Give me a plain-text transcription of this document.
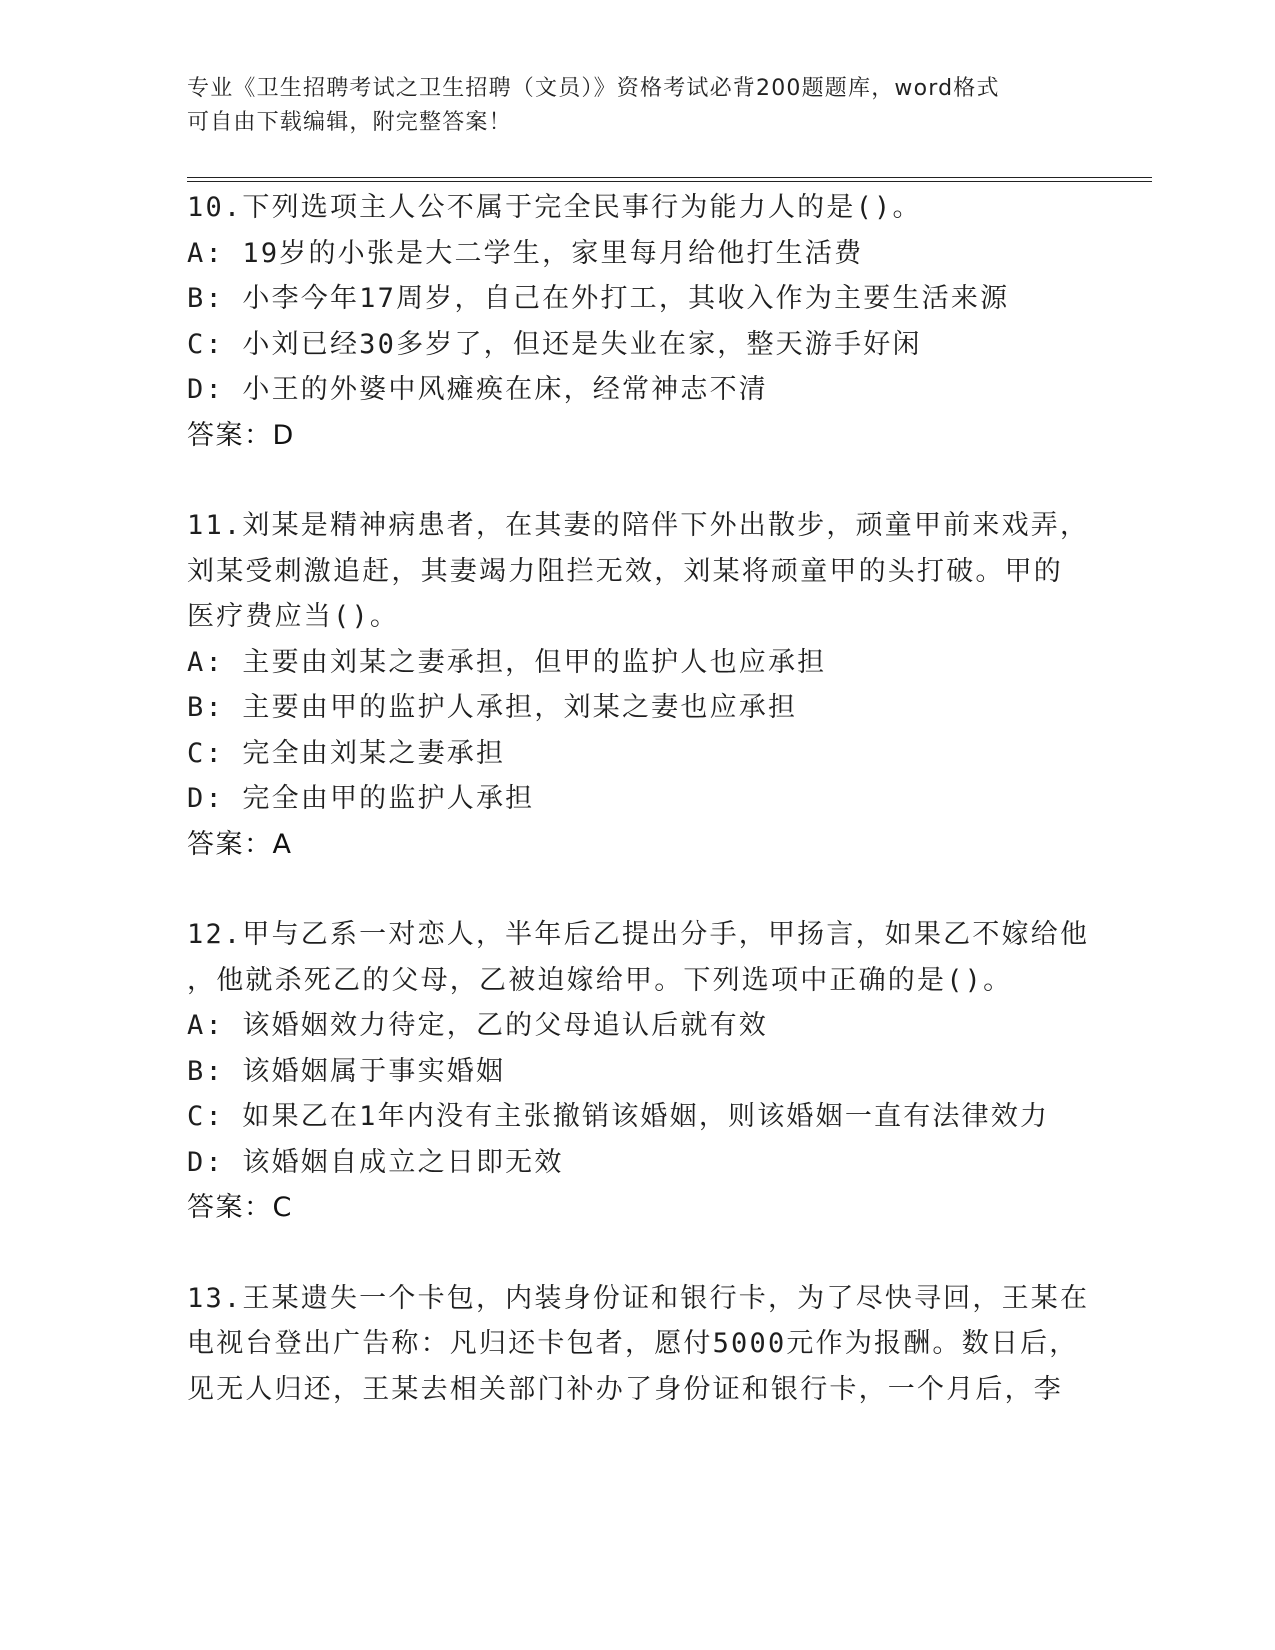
专业《卫生招聘考试之卫生招聘（文员）》资格考试必背200题题库，word格式
可自由下载编辑，附完整答案！
10.下列选项主人公不属于完全民事行为能力人的是()。
A: 19岁的小张是大二学生，家里每月给他打生活费
B: 小李今年17周岁，自己在外打工，其收入作为主要生活来源
C: 小刘已经30多岁了，但还是失业在家，整天游手好闲
D: 小王的外婆中风瘫痪在床，经常神志不清
答案：D
11.刘某是精神病患者，在其妻的陪伴下外出散步，顽童甲前来戏弄，
刘某受刺激追赶，其妻竭力阻拦无效，刘某将顽童甲的头打破。甲的
医疗费应当()。
A: 主要由刘某之妻承担，但甲的监护人也应承担
B: 主要由甲的监护人承担，刘某之妻也应承担
C: 完全由刘某之妻承担
D: 完全由甲的监护人承担
答案：A
12.甲与乙系一对恋人，半年后乙提出分手，甲扬言，如果乙不嫁给他
，他就杀死乙的父母，乙被迫嫁给甲。下列选项中正确的是()。
A: 该婚姻效力待定，乙的父母追认后就有效
B: 该婚姻属于事实婚姻
C: 如果乙在1年内没有主张撤销该婚姻，则该婚姻一直有法律效力
D: 该婚姻自成立之日即无效
答案：C
13.王某遗失一个卡包，内装身份证和银行卡，为了尽快寻回，王某在
电视台登出广告称：凡归还卡包者，愿付5000元作为报酬。数日后，
见无人归还，王某去相关部门补办了身份证和银行卡，一个月后，李
